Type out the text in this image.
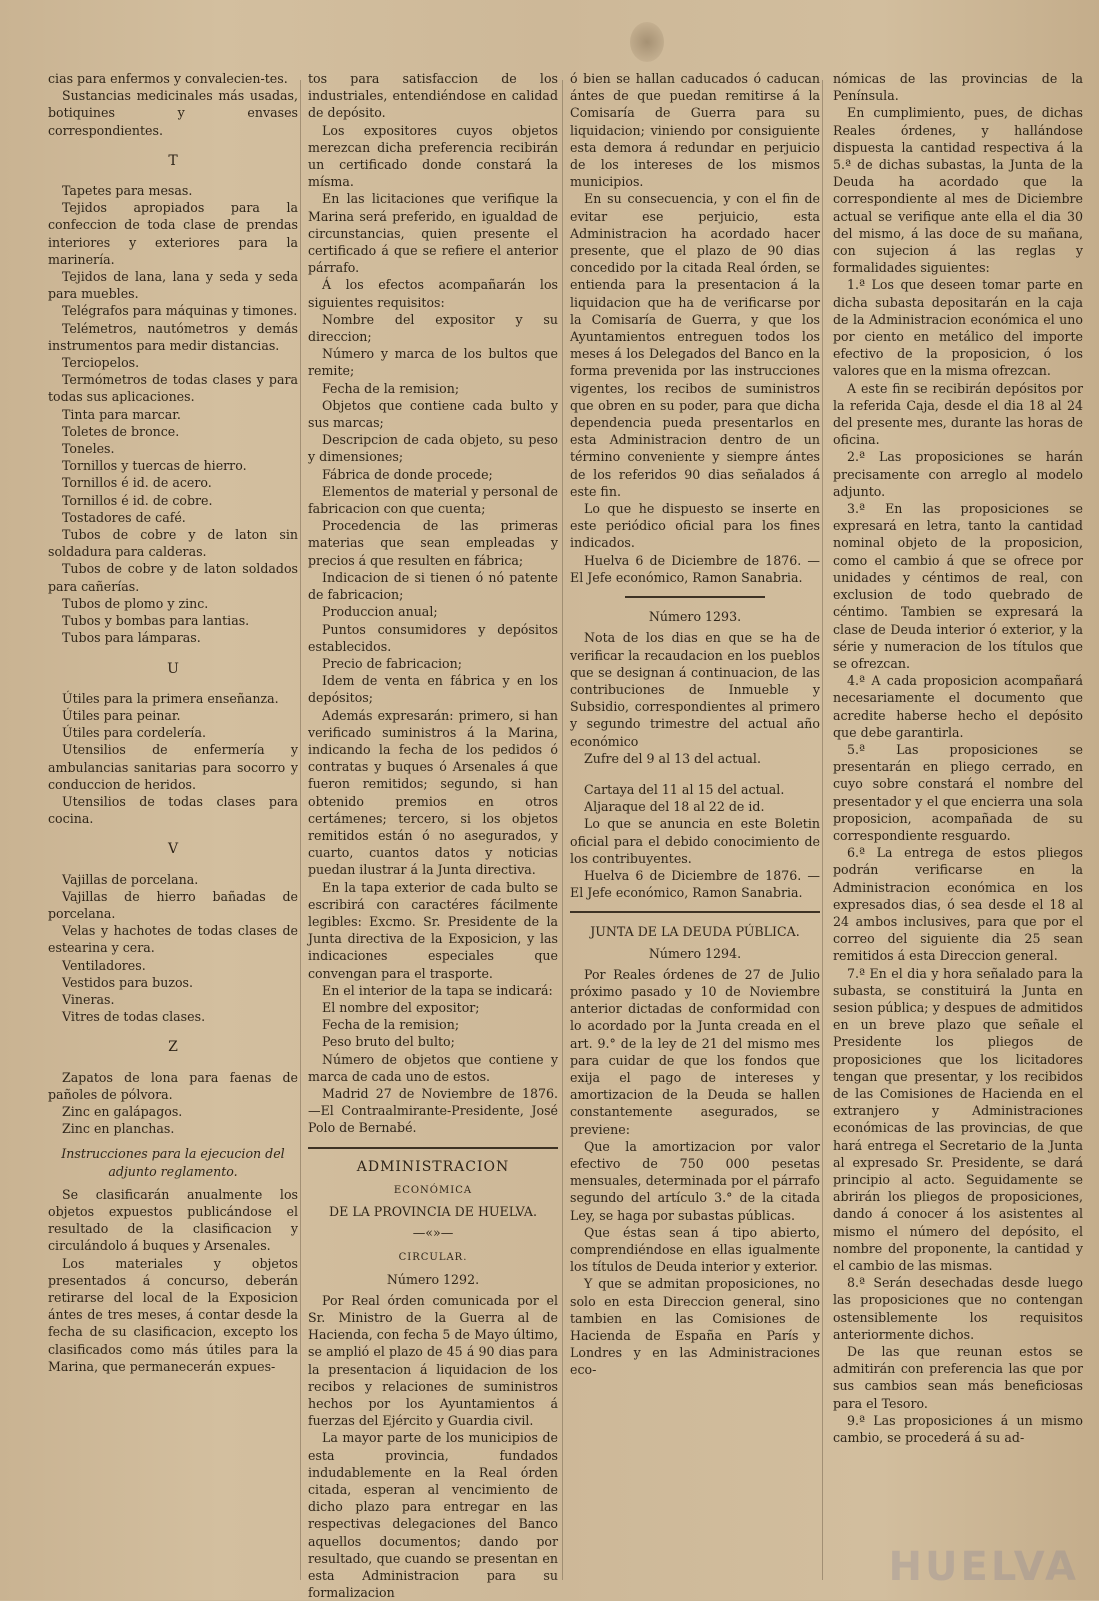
cias para enfermos y convalecien-tes.

Sustancias medicinales más usadas, botiquines y envases correspondientes.

T

Tapetes para mesas.

Tejidos apropiados para la confeccion de toda clase de prendas interiores y exteriores para la marinería.

Tejidos de lana, lana y seda y seda para muebles.

Telégrafos para máquinas y timones.

Telémetros, nautómetros y demás instrumentos para medir distancias.

Terciopelos.

Termómetros de todas clases y para todas sus aplicaciones.

Tinta para marcar.

Toletes de bronce.

Toneles.

Tornillos y tuercas de hierro.

Tornillos é id. de acero.

Tornillos é id. de cobre.

Tostadores de café.

Tubos de cobre y de laton sin soldadura para calderas.

Tubos de cobre y de laton soldados para cañerías.

Tubos de plomo y zinc.

Tubos y bombas para lantias.

Tubos para lámparas.

U

Útiles para la primera enseñanza.

Útiles para peinar.

Útiles para cordelería.

Utensilios de enfermería y ambulancias sanitarias para socorro y conduccion de heridos.

Utensilios de todas clases para cocina.

V

Vajillas de porcelana.

Vajillas de hierro bañadas de porcelana.

Velas y hachotes de todas clases de estearina y cera.

Ventiladores.

Vestidos para buzos.

Vineras.

Vitres de todas clases.

Z

Zapatos de lona para faenas de pañoles de pólvora.

Zinc en galápagos.

Zinc en planchas.

Instrucciones para la ejecucion del adjunto reglamento.

Se clasificarán anualmente los objetos expuestos publicándose el resultado de la clasificacion y circulándolo á buques y Arsenales.

Los materiales y objetos presentados á concurso, deberán retirarse del local de la Exposicion ántes de tres meses, á contar desde la fecha de su clasificacion, excepto los clasificados como más útiles para la Marina, que permanecerán expues-

tos para satisfaccion de los industriales, entendiéndose en calidad de depósito.

Los expositores cuyos objetos merezcan dicha preferencia recibirán un certificado donde constará la mísma.

En las licitaciones que verifique la Marina será preferido, en igualdad de circunstancias, quien presente el certificado á que se refiere el anterior párrafo.

Á los efectos acompañarán los siguientes requisitos:

Nombre del expositor y su direccion;

Número y marca de los bultos que remite;

Fecha de la remision;

Objetos que contiene cada bulto y sus marcas;

Descripcion de cada objeto, su peso y dimensiones;

Fábrica de donde procede;

Elementos de material y personal de fabricacion con que cuenta;

Procedencia de las primeras materias que sean empleadas y precios á que resulten en fábrica;

Indicacion de si tienen ó nó patente de fabricacion;

Produccion anual;

Puntos consumidores y depósitos establecidos.

Precio de fabricacion;

Idem de venta en fábrica y en los depósitos;

Además expresarán: primero, si han verificado suministros á la Marina, indicando la fecha de los pedidos ó contratas y buques ó Arsenales á que fueron remitidos; segundo, si han obtenido premios en otros certámenes; tercero, si los objetos remitidos están ó no asegurados, y cuarto, cuantos datos y noticias puedan ilustrar á la Junta directiva.

En la tapa exterior de cada bulto se escribirá con caractéres fácilmente legibles: Excmo. Sr. Presidente de la Junta directiva de la Exposicion, y las indicaciones especiales que convengan para el trasporte.

En el interior de la tapa se indicará:

El nombre del expositor;

Fecha de la remision;

Peso bruto del bulto;

Número de objetos que contiene y marca de cada uno de estos.

Madrid 27 de Noviembre de 1876. —El Contraalmirante-Presidente, José Polo de Bernabé.

ADMINISTRACION
ECONÓMICA
DE LA PROVINCIA DE HUELVA.
—«»—
CIRCULAR.
Número 1292.

Por Real órden comunicada por el Sr. Ministro de la Guerra al de Hacienda, con fecha 5 de Mayo último, se amplió el plazo de 45 á 90 dias para la presentacion á liquidacion de los recibos y relaciones de suministros hechos por los Ayuntamientos á fuerzas del Ejército y Guardia civil.

La mayor parte de los municipios de esta provincia, fundados indudablemente en la Real órden citada, esperan al vencimiento de dicho plazo para entregar en las respectivas delegaciones del Banco aquellos documentos; dando por resultado, que cuando se presentan en esta Administracion para su formalizacion

ó bien se hallan caducados ó caducan ántes de que puedan remitirse á la Comisaría de Guerra para su liquidacion; viniendo por consiguiente esta demora á redundar en perjuicio de los intereses de los mismos municipios.

En su consecuencia, y con el fin de evitar ese perjuicio, esta Administracion ha acordado hacer presente, que el plazo de 90 dias concedido por la citada Real órden, se entienda para la presentacion á la liquidacion que ha de verificarse por la Comisaría de Guerra, y que los Ayuntamientos entreguen todos los meses á los Delegados del Banco en la forma prevenida por las instrucciones vigentes, los recibos de suministros que obren en su poder, para que dicha dependencia pueda presentarlos en esta Administracion dentro de un término conveniente y siempre ántes de los referidos 90 dias señalados á este fin.

Lo que he dispuesto se inserte en este periódico oficial para los fines indicados.

Huelva 6 de Diciembre de 1876. —El Jefe económico, Ramon Sanabria.

Número 1293.

Nota de los dias en que se ha de verificar la recaudacion en los pueblos que se designan á continuacion, de las contribuciones de Inmueble y Subsidio, correspondientes al primero y segundo trimestre del actual año económico

Zufre del 9 al 13 del actual.

Cartaya del 11 al 15 del actual.

Aljaraque del 18 al 22 de id.

Lo que se anuncia en este Boletin oficial para el debido conocimiento de los contribuyentes.

Huelva 6 de Diciembre de 1876. —El Jefe económico, Ramon Sanabria.

JUNTA DE LA DEUDA PÚBLICA.
Número 1294.

Por Reales órdenes de 27 de Julio próximo pasado y 10 de Noviembre anterior dictadas de conformidad con lo acordado por la Junta creada en el art. 9.° de la ley de 21 del mismo mes para cuidar de que los fondos que exija el pago de intereses y amortizacion de la Deuda se hallen constantemente asegurados, se previene:

Que la amortizacion por valor efectivo de 750 000 pesetas mensuales, determinada por el párrafo segundo del artículo 3.° de la citada Ley, se haga por subastas públicas.

Que éstas sean á tipo abierto, comprendiéndose en ellas igualmente los títulos de Deuda interior y exterior.

Y que se admitan proposiciones, no solo en esta Direccion general, sino tambien en las Comisiones de Hacienda de España en París y Londres y en las Administraciones eco-

nómicas de las provincias de la Península.

En cumplimiento, pues, de dichas Reales órdenes, y hallándose dispuesta la cantidad respectiva á la 5.ª de dichas subastas, la Junta de la Deuda ha acordado que la correspondiente al mes de Diciembre actual se verifique ante ella el dia 30 del mismo, á las doce de su mañana, con sujecion á las reglas y formalidades siguientes:

1.ª Los que deseen tomar parte en dicha subasta depositarán en la caja de la Administracion económica el uno por ciento en metálico del importe efectivo de la proposicion, ó los valores que en la misma ofrezcan.

A este fin se recibirán depósitos por la referida Caja, desde el dia 18 al 24 del presente mes, durante las horas de oficina.

2.ª Las proposiciones se harán precisamente con arreglo al modelo adjunto.

3.ª En las proposiciones se expresará en letra, tanto la cantidad nominal objeto de la proposicion, como el cambio á que se ofrece por unidades y céntimos de real, con exclusion de todo quebrado de céntimo. Tambien se expresará la clase de Deuda interior ó exterior, y la série y numeracion de los títulos que se ofrezcan.

4.ª A cada proposicion acompañará necesariamente el documento que acredite haberse hecho el depósito que debe garantirla.

5.ª Las proposiciones se presentarán en pliego cerrado, en cuyo sobre constará el nombre del presentador y el que encierra una sola proposicion, acompañada de su correspondiente resguardo.

6.ª La entrega de estos pliegos podrán verificarse en la Administracion económica en los expresados dias, ó sea desde el 18 al 24 ambos inclusives, para que por el correo del siguiente dia 25 sean remitidos á esta Direccion general.

7.ª En el dia y hora señalado para la subasta, se constituirá la Junta en sesion pública; y despues de admitidos en un breve plazo que señale el Presidente los pliegos de proposiciones que los licitadores tengan que presentar, y los recibidos de las Comisiones de Hacienda en el extranjero y Administraciones económicas de las provincias, de que hará entrega el Secretario de la Junta al expresado Sr. Presidente, se dará principio al acto. Seguidamente se abrirán los pliegos de proposiciones, dando á conocer á los asistentes al mismo el número del depósito, el nombre del proponente, la cantidad y el cambio de las mismas.

8.ª Serán desechadas desde luego las proposiciones que no contengan ostensiblemente los requisitos anteriormente dichos.

De las que reunan estos se admitirán con preferencia las que por sus cambios sean más beneficiosas para el Tesoro.

9.ª Las proposiciones á un mismo cambio, se procederá á su ad-

HUELVA
